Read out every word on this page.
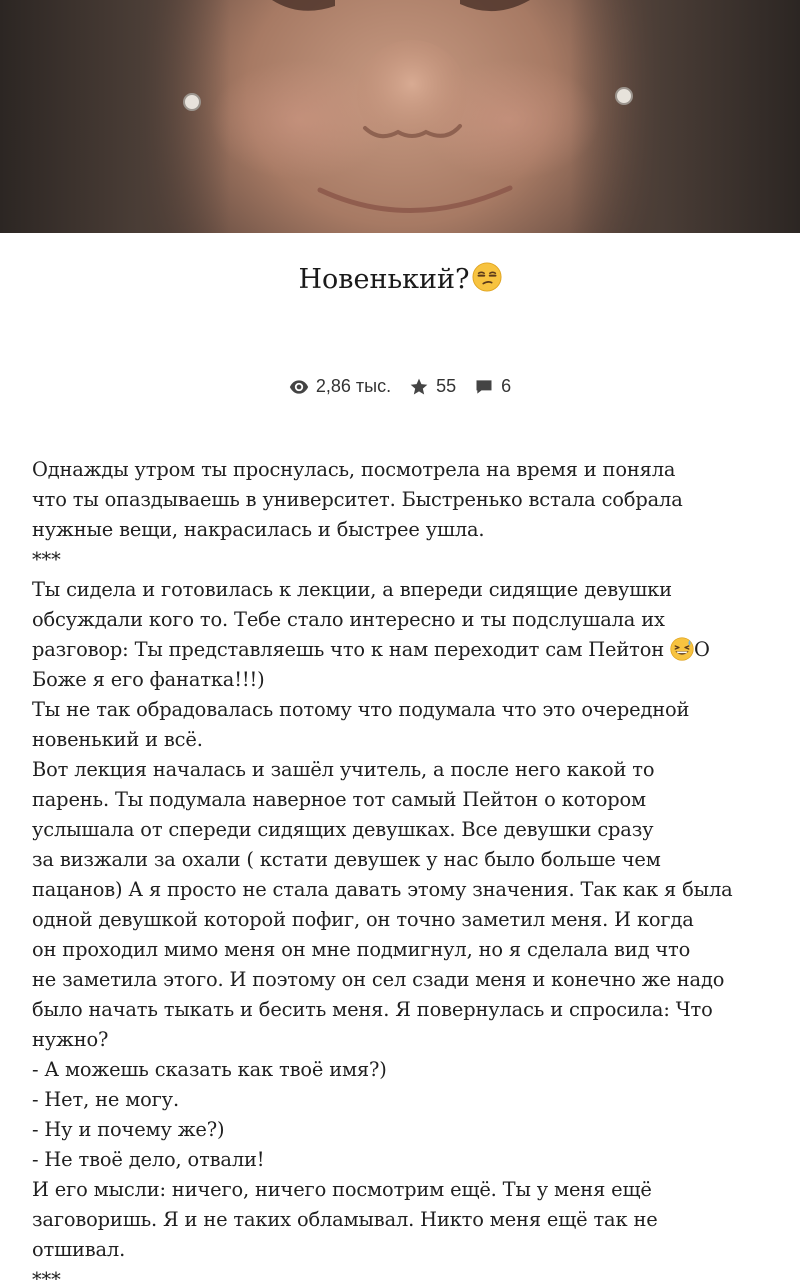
Новенький?
2,86 тыс.	55	6
Однажды утром ты проснулась, посмотрела на время и поняла
что ты опаздываешь в университет. Быстренько встала собрала
нужные вещи, накрасилась и быстрее ушла.
***
Ты сидела и готовилась к лекции, а впереди сидящие девушки
обсуждали кого то. Тебе стало интересно и ты подслушала их
разговор: Ты представляешь что к нам переходит сам Пейтон О
Боже я его фанатка!!!)
Ты не так обрадовалась потому что подумала что это очередной
новенький и всё.
Вот лекция началась и зашёл учитель, а после него какой то
парень. Ты подумала наверное тот самый Пейтон о котором
услышала от спереди сидящих девушках. Все девушки сразу
за визжали за охали ( кстати девушек у нас было больше чем
пацанов) А я просто не стала давать этому значения. Так как я была
одной девушкой которой пофиг, он точно заметил меня. И когда
он проходил мимо меня он мне подмигнул, но я сделала вид что
не заметила этого. И поэтому он сел сзади меня и конечно же надо
было начать тыкать и бесить меня. Я повернулась и спросила: Что
нужно?
- А можешь сказать как твоё имя?)
- Нет, не могу.
- Ну и почему же?)
- Не твоё дело, отвали!
И его мысли: ничего, ничего посмотрим ещё. Ты у меня ещё
заговоришь. Я и не таких обламывал. Никто меня ещё так не
отшивал.
***
